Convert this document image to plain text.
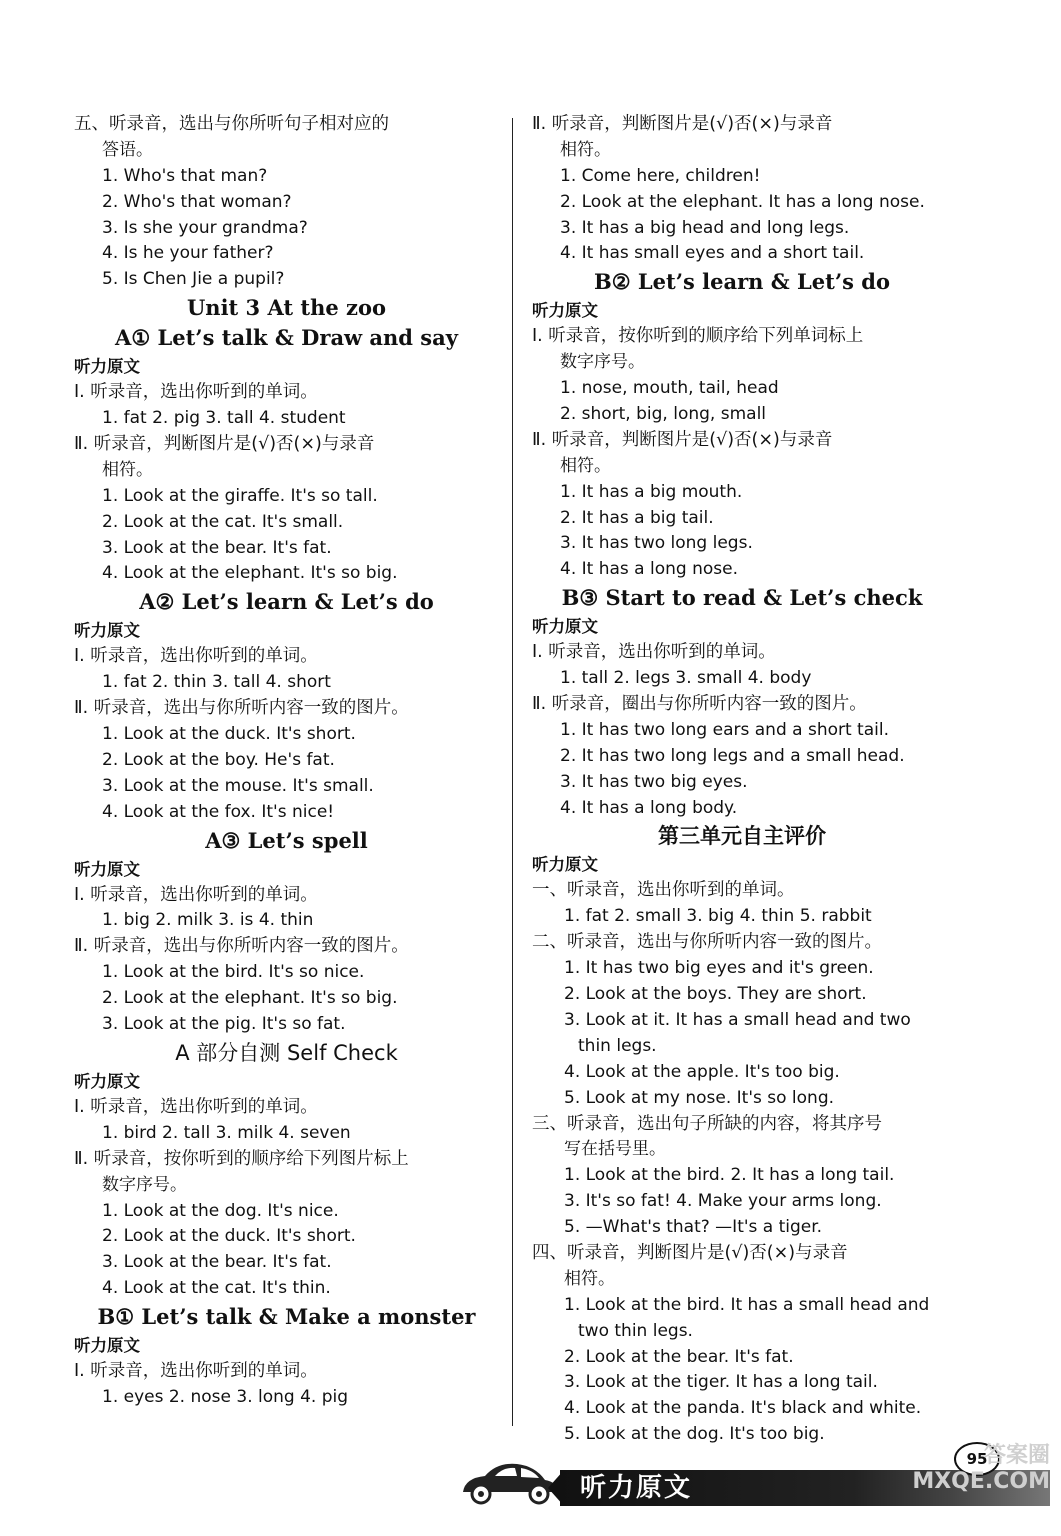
五、听录音，选出与你所听句子相对应的
答语。
1. Who's that man?
2. Who's that woman?
3. Is she your grandma?
4. Is he your father?
5. Is Chen Jie a pupil?
Unit 3 At the zoo
A① Let’s talk & Draw and say
听力原文
Ⅰ. 听录音，选出你听到的单词。
1. fat 2. pig 3. tall 4. student
Ⅱ. 听录音，判断图片是(√)否(×)与录音
相符。
1. Look at the giraffe. It's so tall.
2. Look at the cat. It's small.
3. Look at the bear. It's fat.
4. Look at the elephant. It's so big.
A② Let’s learn & Let’s do
听力原文
Ⅰ. 听录音，选出你听到的单词。
1. fat 2. thin 3. tall 4. short
Ⅱ. 听录音，选出与你所听内容一致的图片。
1. Look at the duck. It's short.
2. Look at the boy. He's fat.
3. Look at the mouse. It's small.
4. Look at the fox. It's nice!
A③ Let’s spell
听力原文
Ⅰ. 听录音，选出你听到的单词。
1. big 2. milk 3. is 4. thin
Ⅱ. 听录音，选出与你所听内容一致的图片。
1. Look at the bird. It's so nice.
2. Look at the elephant. It's so big.
3. Look at the pig. It's so fat.
A 部分自测 Self Check
听力原文
Ⅰ. 听录音，选出你听到的单词。
1. bird 2. tall 3. milk 4. seven
Ⅱ. 听录音，按你听到的顺序给下列图片标上
数字序号。
1. Look at the dog. It's nice.
2. Look at the duck. It's short.
3. Look at the bear. It's fat.
4. Look at the cat. It's thin.
B① Let’s talk & Make a monster
听力原文
Ⅰ. 听录音，选出你听到的单词。
1. eyes 2. nose 3. long 4. pig
Ⅱ. 听录音，判断图片是(√)否(×)与录音
相符。
1. Come here, children!
2. Look at the elephant. It has a long nose.
3. It has a big head and long legs.
4. It has small eyes and a short tail.
B② Let’s learn & Let’s do
听力原文
Ⅰ. 听录音，按你听到的顺序给下列单词标上
数字序号。
1. nose, mouth, tail, head
2. short, big, long, small
Ⅱ. 听录音，判断图片是(√)否(×)与录音
相符。
1. It has a big mouth.
2. It has a big tail.
3. It has two long legs.
4. It has a long nose.
B③ Start to read & Let’s check
听力原文
Ⅰ. 听录音，选出你听到的单词。
1. tall 2. legs 3. small 4. body
Ⅱ. 听录音，圈出与你所听内容一致的图片。
1. It has two long ears and a short tail.
2. It has two long legs and a small head.
3. It has two big eyes.
4. It has a long body.
第三单元自主评价
听力原文
一、听录音，选出你听到的单词。
1. fat 2. small 3. big 4. thin 5. rabbit
二、听录音，选出与你所听内容一致的图片。
1. It has two big eyes and it's green.
2. Look at the boys. They are short.
3. Look at it. It has a small head and two
thin legs.
4. Look at the apple. It's too big.
5. Look at my nose. It's so long.
三、听录音，选出句子所缺的内容，将其序号
写在括号里。
1. Look at the bird. 2. It has a long tail.
3. It's so fat! 4. Make your arms long.
5. —What's that? —It's a tiger.
四、听录音，判断图片是(√)否(×)与录音
相符。
1. Look at the bird. It has a small head and
two thin legs.
2. Look at the bear. It's fat.
3. Look at the tiger. It has a long tail.
4. Look at the panda. It's black and white.
5. Look at the dog. It's too big.
听力原文
95
答案圈 MXQE.COM
